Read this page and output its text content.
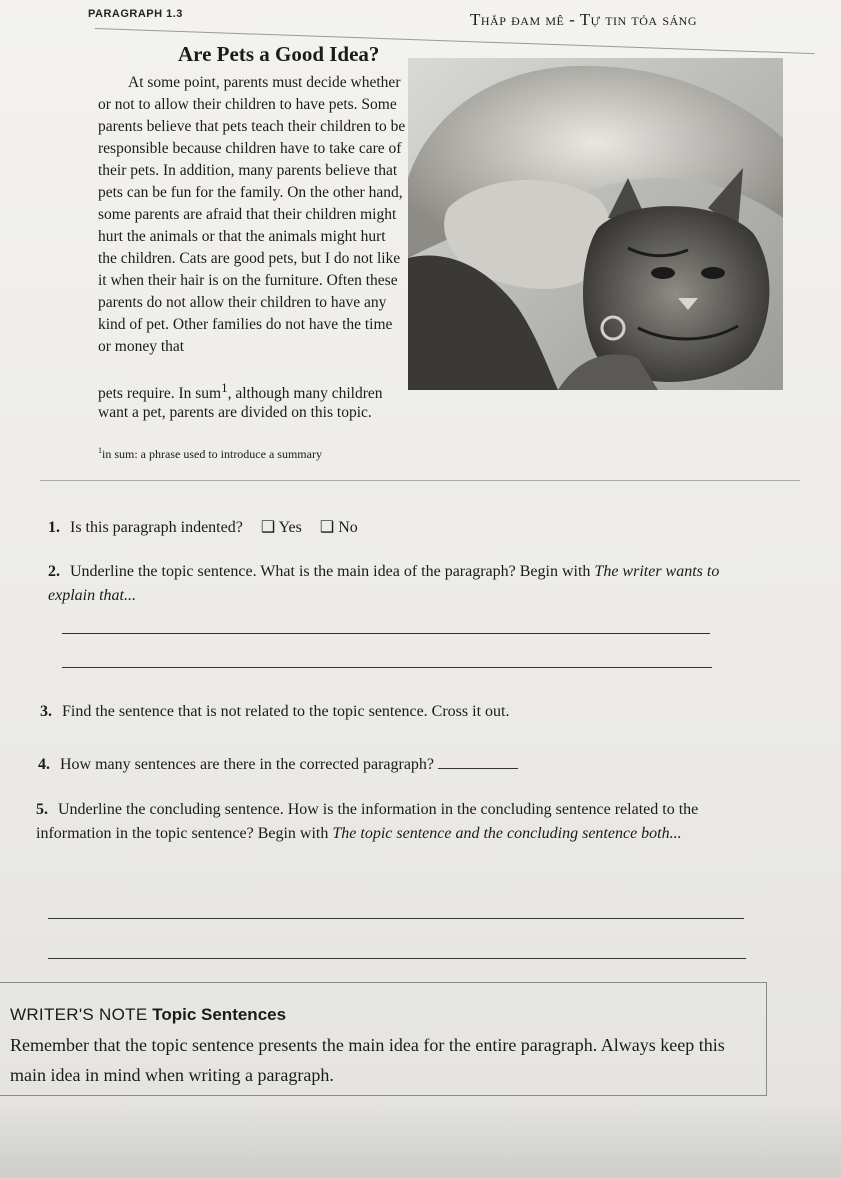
PARAGRAPH 1.3	Thắp đam mê - Tự tin tỏa sáng
Are Pets a Good Idea?
At some point, parents must decide whether or not to allow their children to have pets. Some parents believe that pets teach their children to be responsible because children have to take care of their pets. In addition, many parents believe that pets can be fun for the family. On the other hand, some parents are afraid that their children might hurt the animals or that the animals might hurt the children. Cats are good pets, but I do not like it when their hair is on the furniture. Often these parents do not allow their children to have any kind of pet. Other families do not have the time or money that
pets require. In sum$^1$, although many children
want a pet, parents are divided on this topic.
$^1$in sum: a phrase used to introduce a summary
1. Is this paragraph indented? ❑ Yes ❑ No
2. Underline the topic sentence. What is the main idea of the paragraph? Begin with The writer wants to explain that...
3. Find the sentence that is not related to the topic sentence. Cross it out.
4. How many sentences are there in the corrected paragraph?
5. Underline the concluding sentence. How is the information in the concluding sentence related to the information in the topic sentence? Begin with The topic sentence and the concluding sentence both...
WRITER'S NOTE Topic Sentences
Remember that the topic sentence presents the main idea for the entire paragraph. Always keep this main idea in mind when writing a paragraph.
